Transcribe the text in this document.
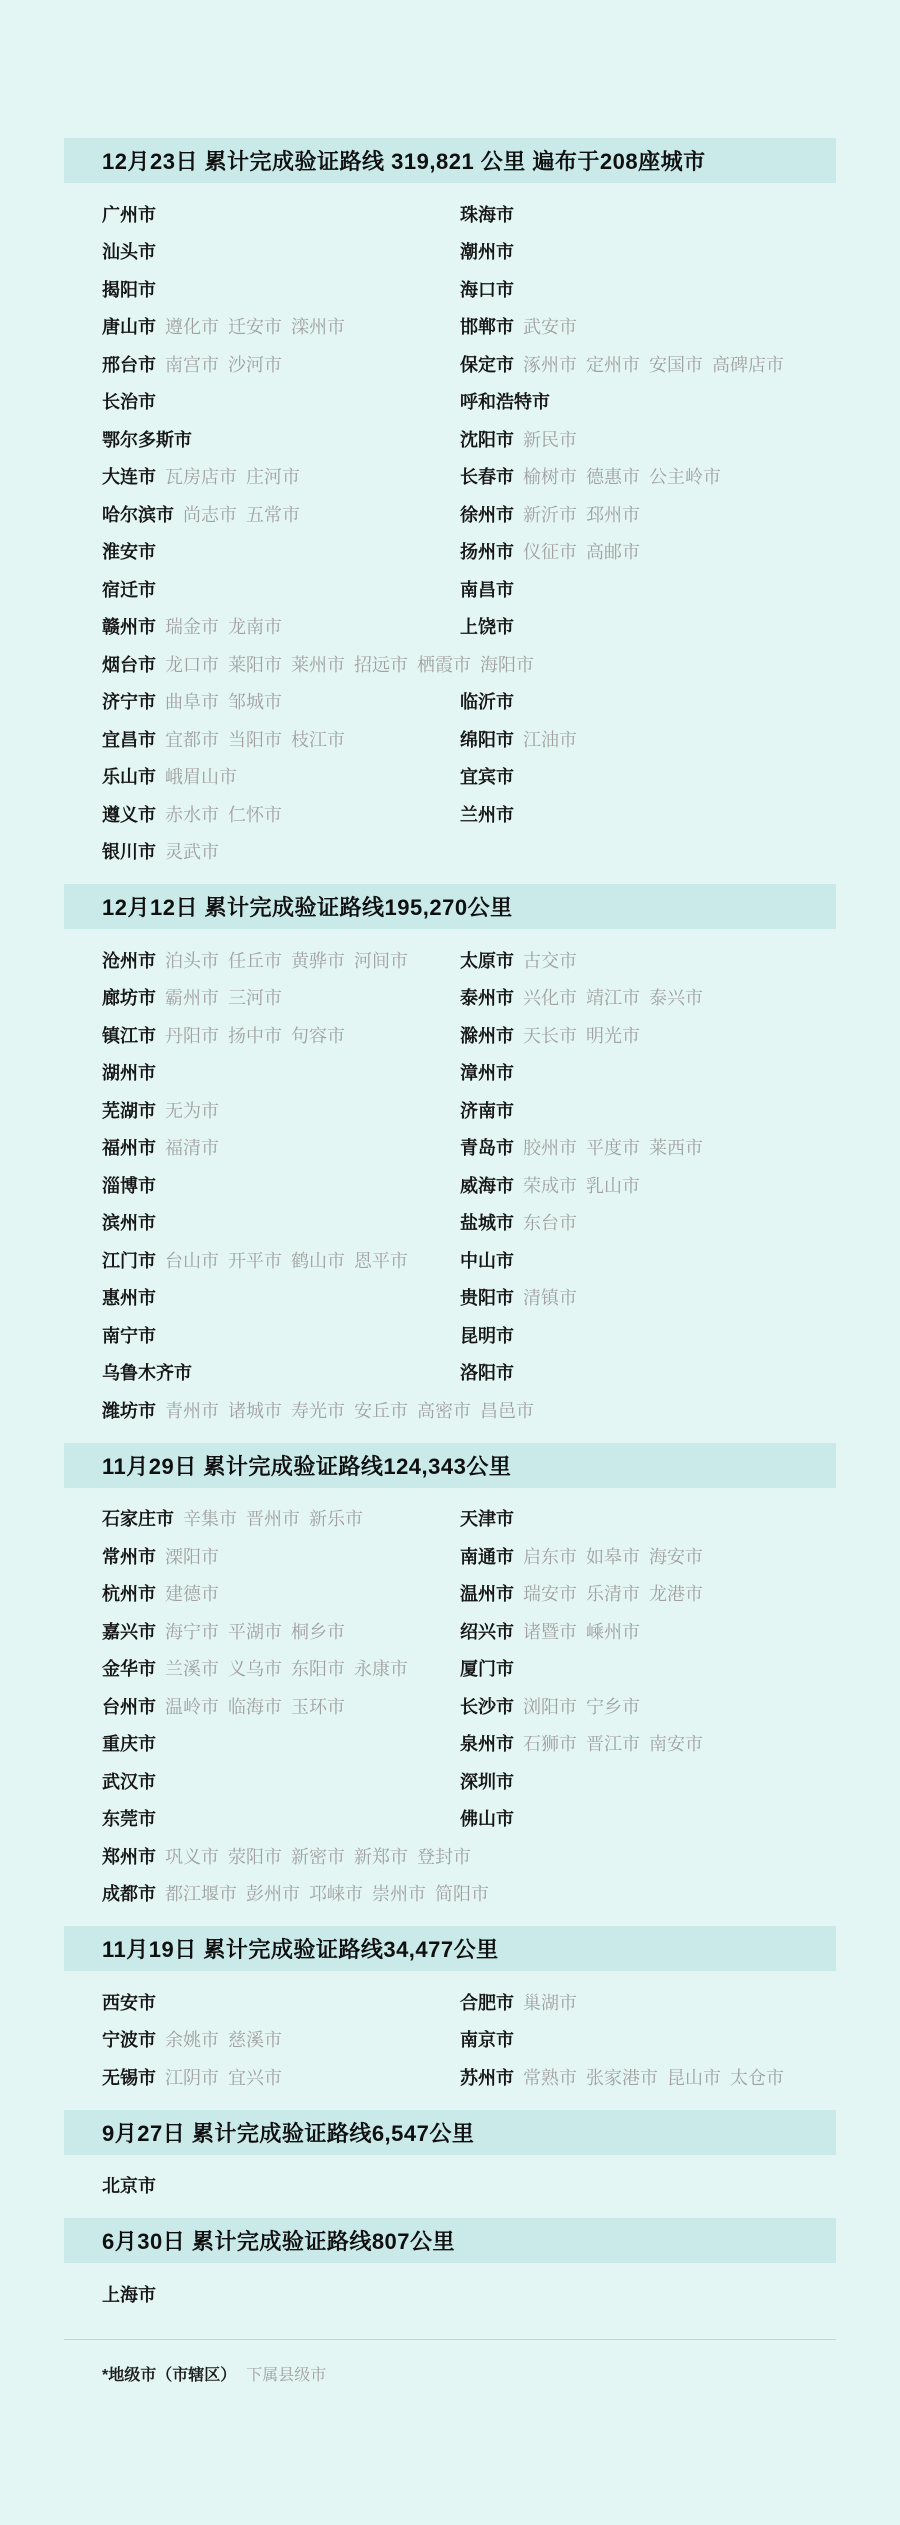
12月23日 累计完成验证路线 319,821 公里 遍布于208座城市
广州市	珠海市
汕头市	潮州市
揭阳市	海口市
唐山市 遵化市 迁安市 滦州市	邯郸市 武安市
邢台市 南宫市 沙河市	保定市 涿州市 定州市 安国市 高碑店市
长治市	呼和浩特市
鄂尔多斯市	沈阳市 新民市
大连市 瓦房店市 庄河市	长春市 榆树市 德惠市 公主岭市
哈尔滨市 尚志市 五常市	徐州市 新沂市 邳州市
淮安市	扬州市 仪征市 高邮市
宿迁市	南昌市
赣州市 瑞金市 龙南市	上饶市
烟台市 龙口市 莱阳市 莱州市 招远市 栖霞市 海阳市
济宁市 曲阜市 邹城市	临沂市
宜昌市 宜都市 当阳市 枝江市	绵阳市 江油市
乐山市 峨眉山市	宜宾市
遵义市 赤水市 仁怀市	兰州市
银川市 灵武市
12月12日 累计完成验证路线195,270公里
沧州市 泊头市 任丘市 黄骅市 河间市	太原市 古交市
廊坊市 霸州市 三河市	泰州市 兴化市 靖江市 泰兴市
镇江市 丹阳市 扬中市 句容市	滁州市 天长市 明光市
湖州市	漳州市
芜湖市 无为市	济南市
福州市 福清市	青岛市 胶州市 平度市 莱西市
淄博市	威海市 荣成市 乳山市
滨州市	盐城市 东台市
江门市 台山市 开平市 鹤山市 恩平市	中山市
惠州市	贵阳市 清镇市
南宁市	昆明市
乌鲁木齐市	洛阳市
潍坊市 青州市 诸城市 寿光市 安丘市 高密市 昌邑市
11月29日 累计完成验证路线124,343公里
石家庄市 辛集市 晋州市 新乐市	天津市
常州市 溧阳市	南通市 启东市 如皋市 海安市
杭州市 建德市	温州市 瑞安市 乐清市 龙港市
嘉兴市 海宁市 平湖市 桐乡市	绍兴市 诸暨市 嵊州市
金华市 兰溪市 义乌市 东阳市 永康市	厦门市
台州市 温岭市 临海市 玉环市	长沙市 浏阳市 宁乡市
重庆市	泉州市 石狮市 晋江市 南安市
武汉市	深圳市
东莞市	佛山市
郑州市 巩义市 荥阳市 新密市 新郑市 登封市
成都市 都江堰市 彭州市 邛崃市 崇州市 简阳市
11月19日 累计完成验证路线34,477公里
西安市	合肥市 巢湖市
宁波市 余姚市 慈溪市	南京市
无锡市 江阴市 宜兴市	苏州市 常熟市 张家港市 昆山市 太仓市
9月27日 累计完成验证路线6,547公里
北京市
6月30日 累计完成验证路线807公里
上海市
*地级市（市辖区） 下属县级市
